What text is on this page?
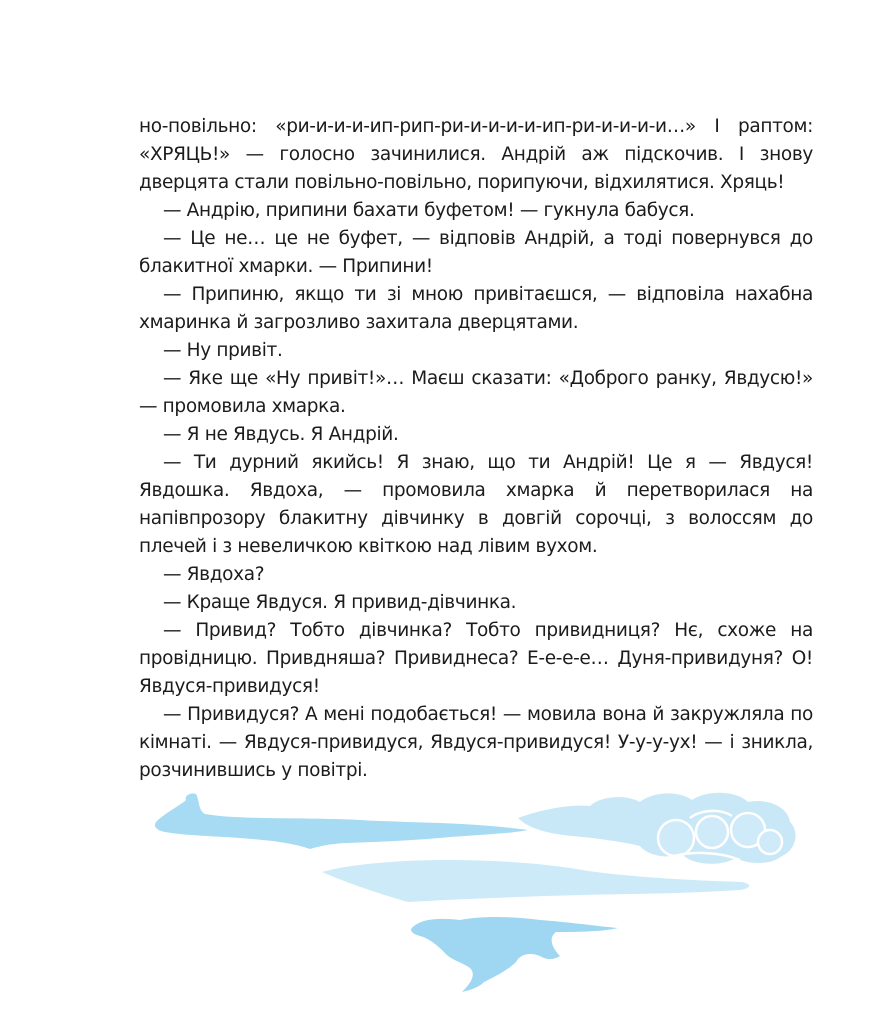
но-повільно: «ри-и-и-и-ип-рип-ри-и-и-и-и-ип-ри-и-и-и-и…» І раптом: «ХРЯЦЬ!» — голосно зачинилися. Андрій аж підскочив. І знову дверцята стали повільно-повільно, порипуючи, відхилятися. Хряць!

— Андрію, припини бахати буфетом! — гукнула бабуся.

— Це не… це не буфет, — відповів Андрій, а тоді повернувся до блакитної хмарки. — Припини!

— Припиню, якщо ти зі мною привітаєшся, — відповіла нахабна хмаринка й загрозливо захитала дверцятами.

— Ну привіт.

— Яке ще «Ну привіт!»… Маєш сказати: «Доброго ранку, Явдусю!» — промовила хмарка.

— Я не Явдусь. Я Андрій.

— Ти дурний якийсь! Я знаю, що ти Андрій! Це я — Явдуся! Явдошка. Явдоха, — промовила хмарка й перетворилася на напівпрозору блакитну дівчинку в довгій сорочці, з волоссям до плечей і з невеличкою квіткою над лівим вухом.

— Явдоха?

— Краще Явдуся. Я привид-дівчинка.

— Привид? Тобто дівчинка? Тобто привидниця? Нє, схоже на провідницю. Привдняша? Привиднеса? Е-е-е-е… Дуня-привидуня? О! Явдуся-привидуся!

— Привидуся? А мені подобається! — мовила вона й закружляла по кімнаті. — Явдуся-привидуся, Явдуся-привидуся! У-у-у-ух! — і зникла, розчинившись у повітрі.
